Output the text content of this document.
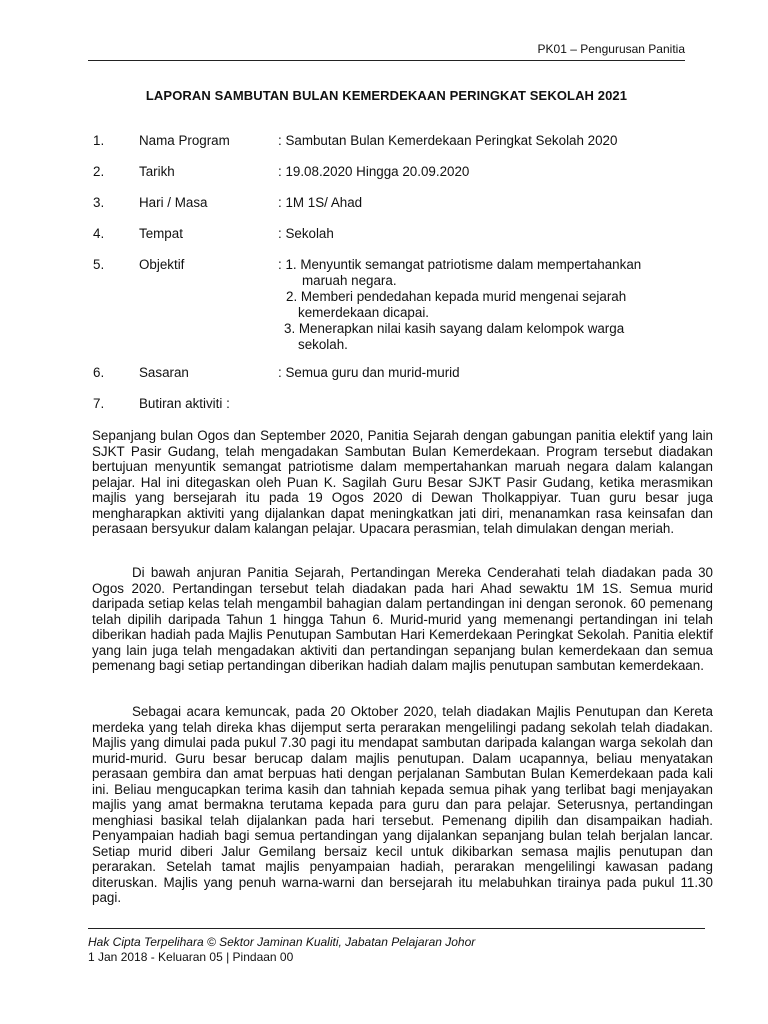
PK01 – Pengurusan Panitia
LAPORAN SAMBUTAN BULAN KEMERDEKAAN PERINGKAT SEKOLAH 2021
1.	Nama Program	: Sambutan Bulan Kemerdekaan Peringkat Sekolah 2020
2.	Tarikh	: 19.08.2020 Hingga 20.09.2020
3.	Hari / Masa	: 1M 1S/ Ahad
4.	Tempat	: Sekolah
5.	Objektif	: 1. Menyuntik semangat patriotisme dalam mempertahankan
maruah negara.
2. Memberi pendedahan kepada murid mengenai sejarah
kemerdekaan dicapai.
3. Menerapkan nilai kasih sayang dalam kelompok warga
sekolah.
6.	Sasaran	: Semua guru dan murid-murid
7.	Butiran aktiviti :

Sepanjang bulan Ogos dan September 2020, Panitia Sejarah dengan gabungan panitia elektif yang lain SJKT Pasir Gudang, telah mengadakan Sambutan Bulan Kemerdekaan. Program tersebut diadakan bertujuan menyuntik semangat patriotisme dalam mempertahankan maruah negara dalam kalangan pelajar. Hal ini ditegaskan oleh Puan K. Sagilah Guru Besar SJKT Pasir Gudang, ketika merasmikan majlis yang bersejarah itu pada 19 Ogos 2020 di Dewan Tholkappiyar. Tuan guru besar juga mengharapkan aktiviti yang dijalankan dapat meningkatkan jati diri, menanamkan rasa keinsafan dan perasaan bersyukur dalam kalangan pelajar. Upacara perasmian, telah dimulakan dengan meriah.

Di bawah anjuran Panitia Sejarah, Pertandingan Mereka Cenderahati telah diadakan pada 30 Ogos 2020. Pertandingan tersebut telah diadakan pada hari Ahad sewaktu 1M 1S. Semua murid daripada setiap kelas telah mengambil bahagian dalam pertandingan ini dengan seronok. 60 pemenang telah dipilih daripada Tahun 1 hingga Tahun 6. Murid-murid yang memenangi pertandingan ini telah diberikan hadiah pada Majlis Penutupan Sambutan Hari Kemerdekaan Peringkat Sekolah. Panitia elektif yang lain juga telah mengadakan aktiviti dan pertandingan sepanjang bulan kemerdekaan dan semua pemenang bagi setiap pertandingan diberikan hadiah dalam majlis penutupan sambutan kemerdekaan.

Sebagai acara kemuncak, pada 20 Oktober 2020, telah diadakan Majlis Penutupan dan Kereta merdeka yang telah direka khas dijemput serta perarakan mengelilingi padang sekolah telah diadakan. Majlis yang dimulai pada pukul 7.30 pagi itu mendapat sambutan daripada kalangan warga sekolah dan murid-murid. Guru besar berucap dalam majlis penutupan. Dalam ucapannya, beliau menyatakan perasaan gembira dan amat berpuas hati dengan perjalanan Sambutan Bulan Kemerdekaan pada kali ini. Beliau mengucapkan terima kasih dan tahniah kepada semua pihak yang terlibat bagi menjayakan majlis yang amat bermakna terutama kepada para guru dan para pelajar. Seterusnya, pertandingan menghiasi basikal telah dijalankan pada hari tersebut. Pemenang dipilih dan disampaikan hadiah. Penyampaian hadiah bagi semua pertandingan yang dijalankan sepanjang bulan telah berjalan lancar. Setiap murid diberi Jalur Gemilang bersaiz kecil untuk dikibarkan semasa majlis penutupan dan perarakan. Setelah tamat majlis penyampaian hadiah, perarakan mengelilingi kawasan padang diteruskan. Majlis yang penuh warna-warni dan bersejarah itu melabuhkan tirainya pada pukul 11.30 pagi.

Hak Cipta Terpelihara © Sektor Jaminan Kualiti, Jabatan Pelajaran Johor
1 Jan 2018 - Keluaran 05 | Pindaan 00
